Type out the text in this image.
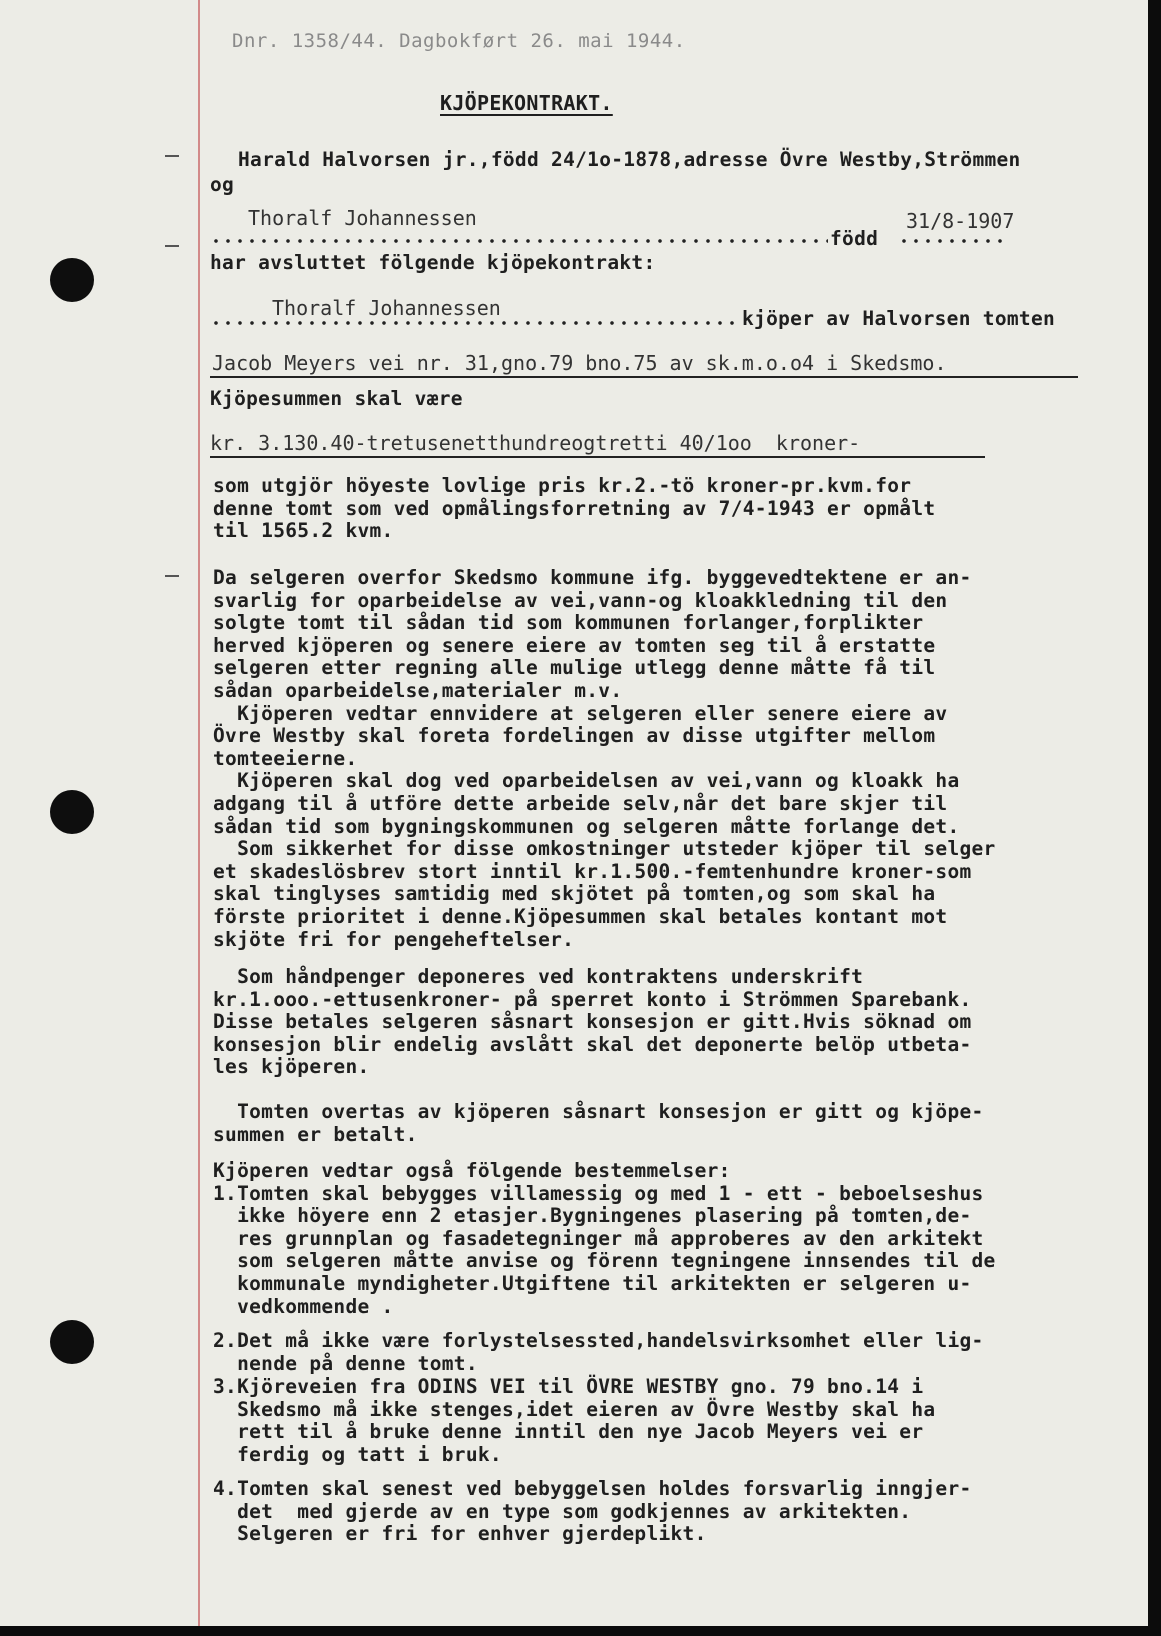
Dnr. 1358/44. Dagbokført 26. mai 1944.

KJÖPEKONTRAKT.

Harald Halvorsen jr.,född 24/1o-1878,adresse Övre Westby,Strömmen

og

Thoralf Johannessen	31/8-1907

född

har avsluttet fölgende kjöpekontrakt:

Thoralf Johannessen	kjöper av Halvorsen tomten

Jacob Meyers vei nr. 31,gno.79 bno.75 av sk.m.o.o4 i Skedsmo.

Kjöpesummen skal være

kr. 3.130.40-tretusenetthundreogtretti 40/1oo  kroner-

som utgjör höyeste lovlige pris kr.2.-tö kroner-pr.kvm.for

denne tomt som ved opmålingsforretning av 7/4-1943 er opmålt

til 1565.2 kvm.

Da selgeren overfor Skedsmo kommune ifg. byggevedtektene er an-

svarlig for oparbeidelse av vei,vann-og kloakkledning til den

solgte tomt til sådan tid som kommunen forlanger,forplikter

herved kjöperen og senere eiere av tomten seg til å erstatte

selgeren etter regning alle mulige utlegg denne måtte få til

sådan oparbeidelse,materialer m.v.

Kjöperen vedtar ennvidere at selgeren eller senere eiere av

Övre Westby skal foreta fordelingen av disse utgifter mellom

tomteeierne.

Kjöperen skal dog ved oparbeidelsen av vei,vann og kloakk ha

adgang til å utföre dette arbeide selv,når det bare skjer til

sådan tid som bygningskommunen og selgeren måtte forlange det.

Som sikkerhet for disse omkostninger utsteder kjöper til selger

et skadeslösbrev stort inntil kr.1.500.-femtenhundre kroner-som

skal tinglyses samtidig med skjötet på tomten,og som skal ha

förste prioritet i denne.Kjöpesummen skal betales kontant mot

skjöte fri for pengeheftelser.

Som håndpenger deponeres ved kontraktens underskrift

kr.1.ooo.-ettusenkroner- på sperret konto i Strömmen Sparebank.

Disse betales selgeren såsnart konsesjon er gitt.Hvis söknad om

konsesjon blir endelig avslått skal det deponerte belöp utbeta-

les kjöperen.

Tomten overtas av kjöperen såsnart konsesjon er gitt og kjöpe-

summen er betalt.

Kjöperen vedtar også fölgende bestemmelser:

1.Tomten skal bebygges villamessig og med 1 - ett - beboelseshus

ikke höyere enn 2 etasjer.Bygningenes plasering på tomten,de-

res grunnplan og fasadetegninger må approberes av den arkitekt

som selgeren måtte anvise og förenn tegningene innsendes til de

kommunale myndigheter.Utgiftene til arkitekten er selgeren u-

vedkommende .

2.Det må ikke være forlystelsessted,handelsvirksomhet eller lig-

nende på denne tomt.

3.Kjöreveien fra ODINS VEI til ÖVRE WESTBY gno. 79 bno.14 i

Skedsmo må ikke stenges,idet eieren av Övre Westby skal ha

rett til å bruke denne inntil den nye Jacob Meyers vei er

ferdig og tatt i bruk.

4.Tomten skal senest ved bebyggelsen holdes forsvarlig inngjer-

det  med gjerde av en type som godkjennes av arkitekten.

Selgeren er fri for enhver gjerdeplikt.
